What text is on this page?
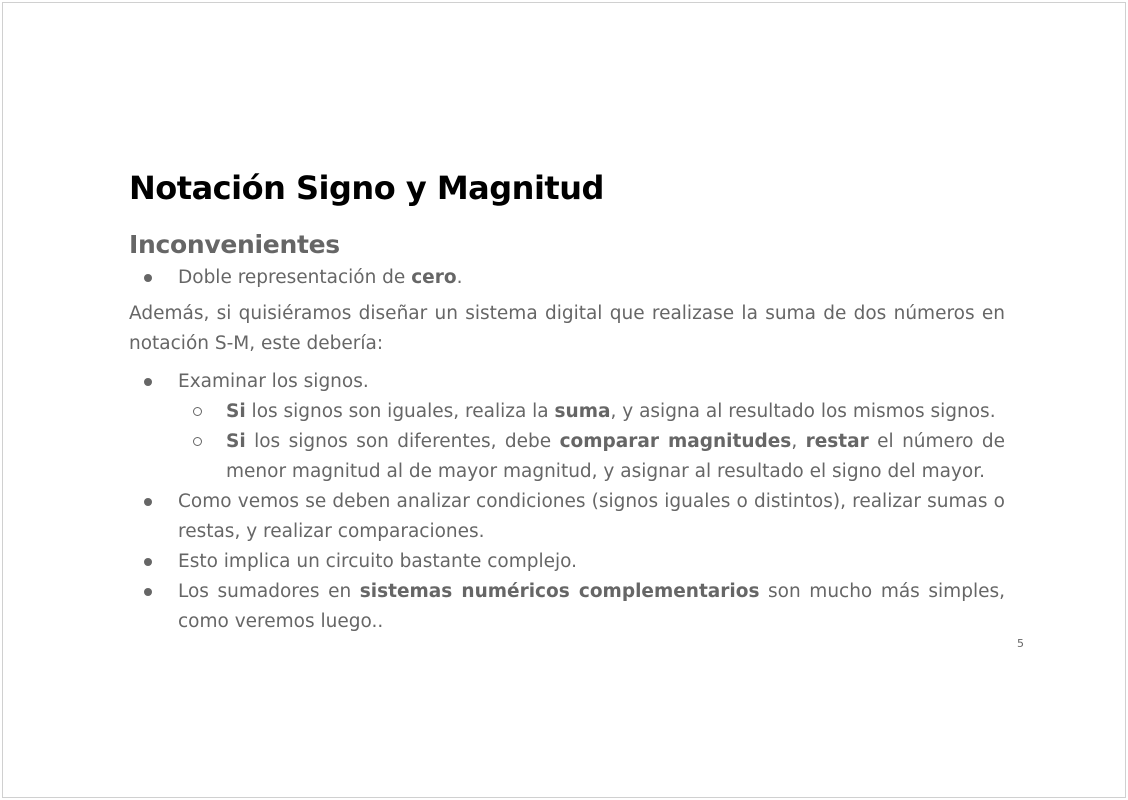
Notación Signo y Magnitud
Inconvenientes
Doble representación de cero.

Además, si quisiéramos diseñar un sistema digital que realizase la suma de dos números en notación S-M, este debería:

Examinar los signos.
Si los signos son iguales, realiza la suma, y asigna al resultado los mismos signos.
Si los signos son diferentes, debe comparar magnitudes, restar el número de menor magnitud al de mayor magnitud, y asignar al resultado el signo del mayor.
Como vemos se deben analizar condiciones (signos iguales o distintos), realizar sumas o restas, y realizar comparaciones.
Esto implica un circuito bastante complejo.
Los sumadores en sistemas numéricos complementarios son mucho más simples, como veremos luego..
5
